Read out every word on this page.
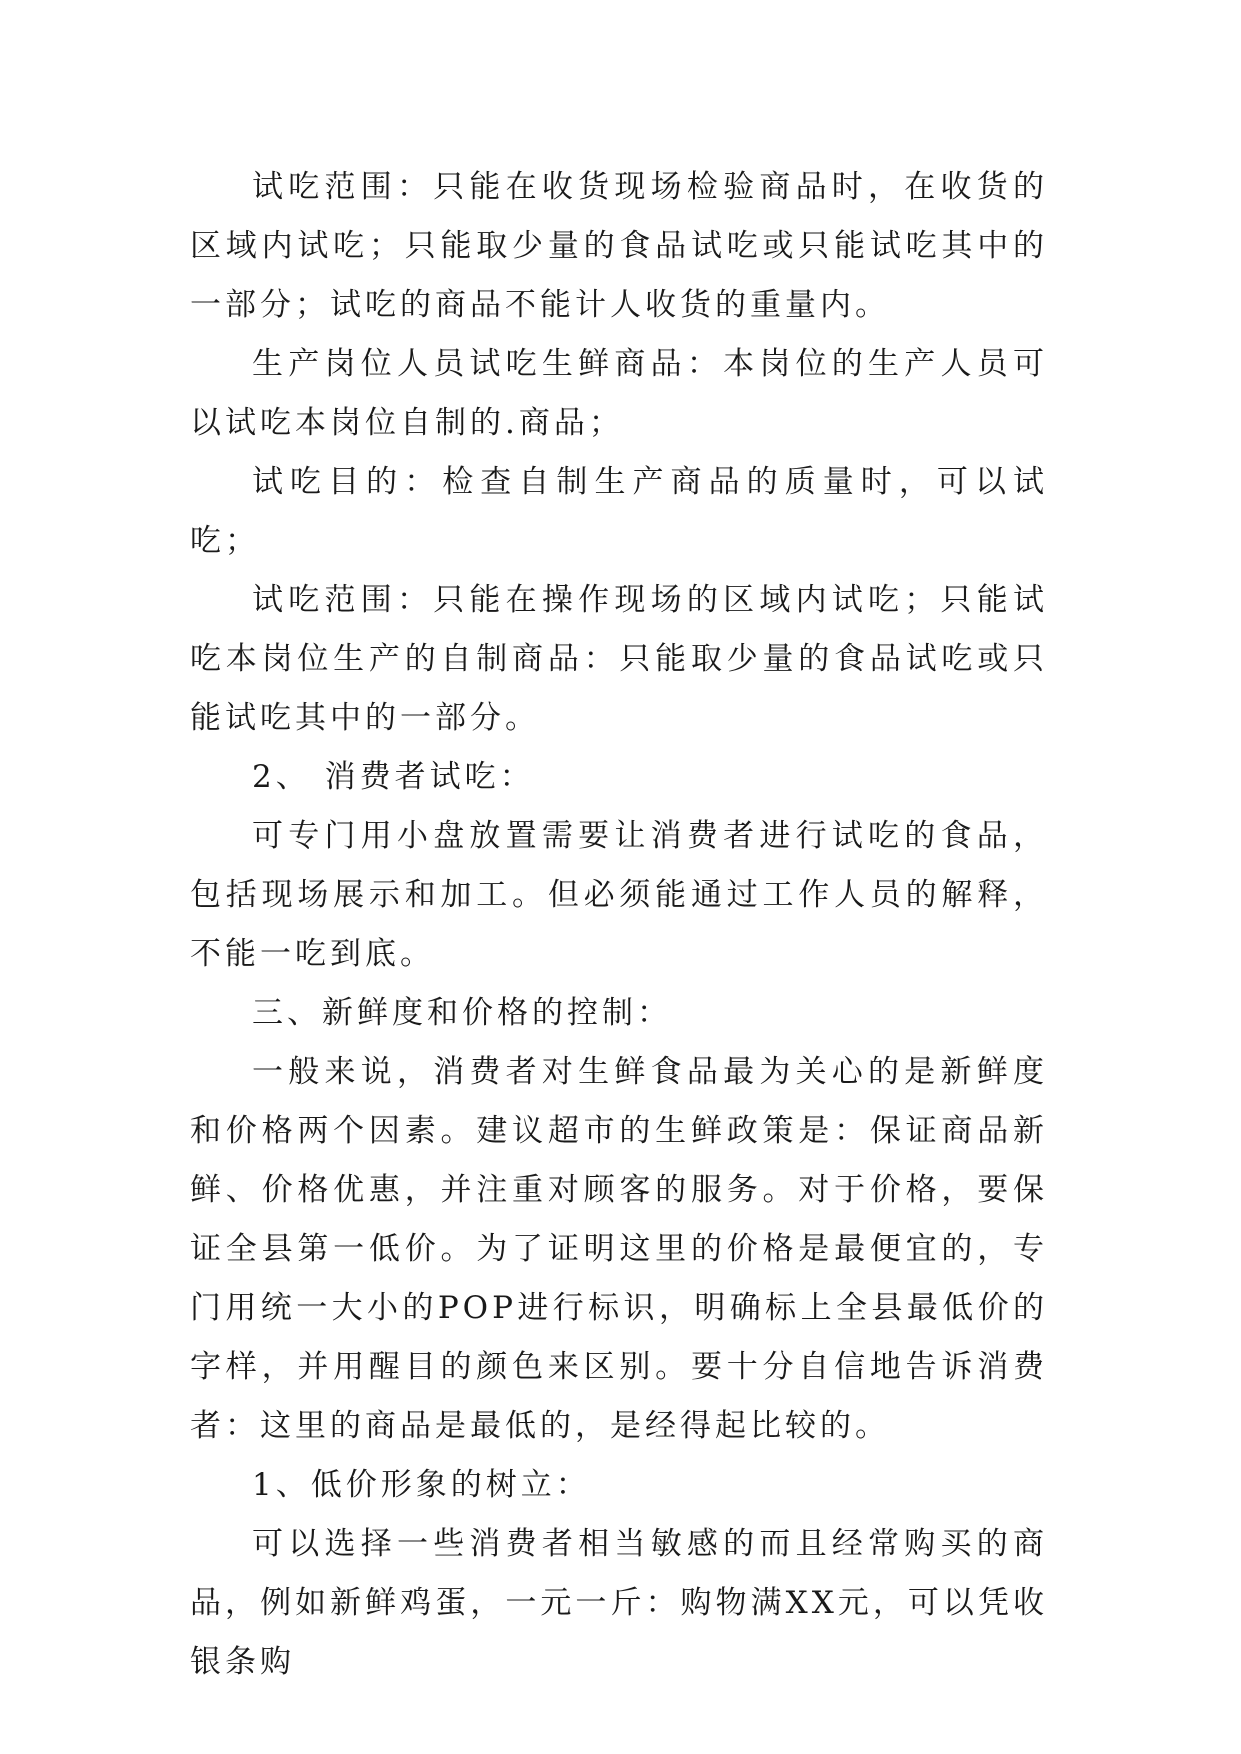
试吃范围：只能在收货现场检验商品时，在收货的区域内试吃；只能取少量的食品试吃或只能试吃其中的一部分；试吃的商品不能计人收货的重量内。

生产岗位人员试吃生鲜商品：本岗位的生产人员可以试吃本岗位自制的.商品；

试吃目的：检查自制生产商品的质量时，可以试吃；

试吃范围：只能在操作现场的区域内试吃；只能试吃本岗位生产的自制商品：只能取少量的食品试吃或只能试吃其中的一部分。

2、 消费者试吃：

可专门用小盘放置需要让消费者进行试吃的食品，包括现场展示和加工。但必须能通过工作人员的解释，不能一吃到底。

三、新鲜度和价格的控制：

一般来说，消费者对生鲜食品最为关心的是新鲜度和价格两个因素。建议超市的生鲜政策是：保证商品新鲜、价格优惠，并注重对顾客的服务。对于价格，要保证全县第一低价。为了证明这里的价格是最便宜的，专门用统一大小的POP进行标识，明确标上全县最低价的字样，并用醒目的颜色来区别。要十分自信地告诉消费者：这里的商品是最低的，是经得起比较的。

1、低价形象的树立：

可以选择一些消费者相当敏感的而且经常购买的商品，例如新鲜鸡蛋，一元一斤：购物满XX元，可以凭收银条购
